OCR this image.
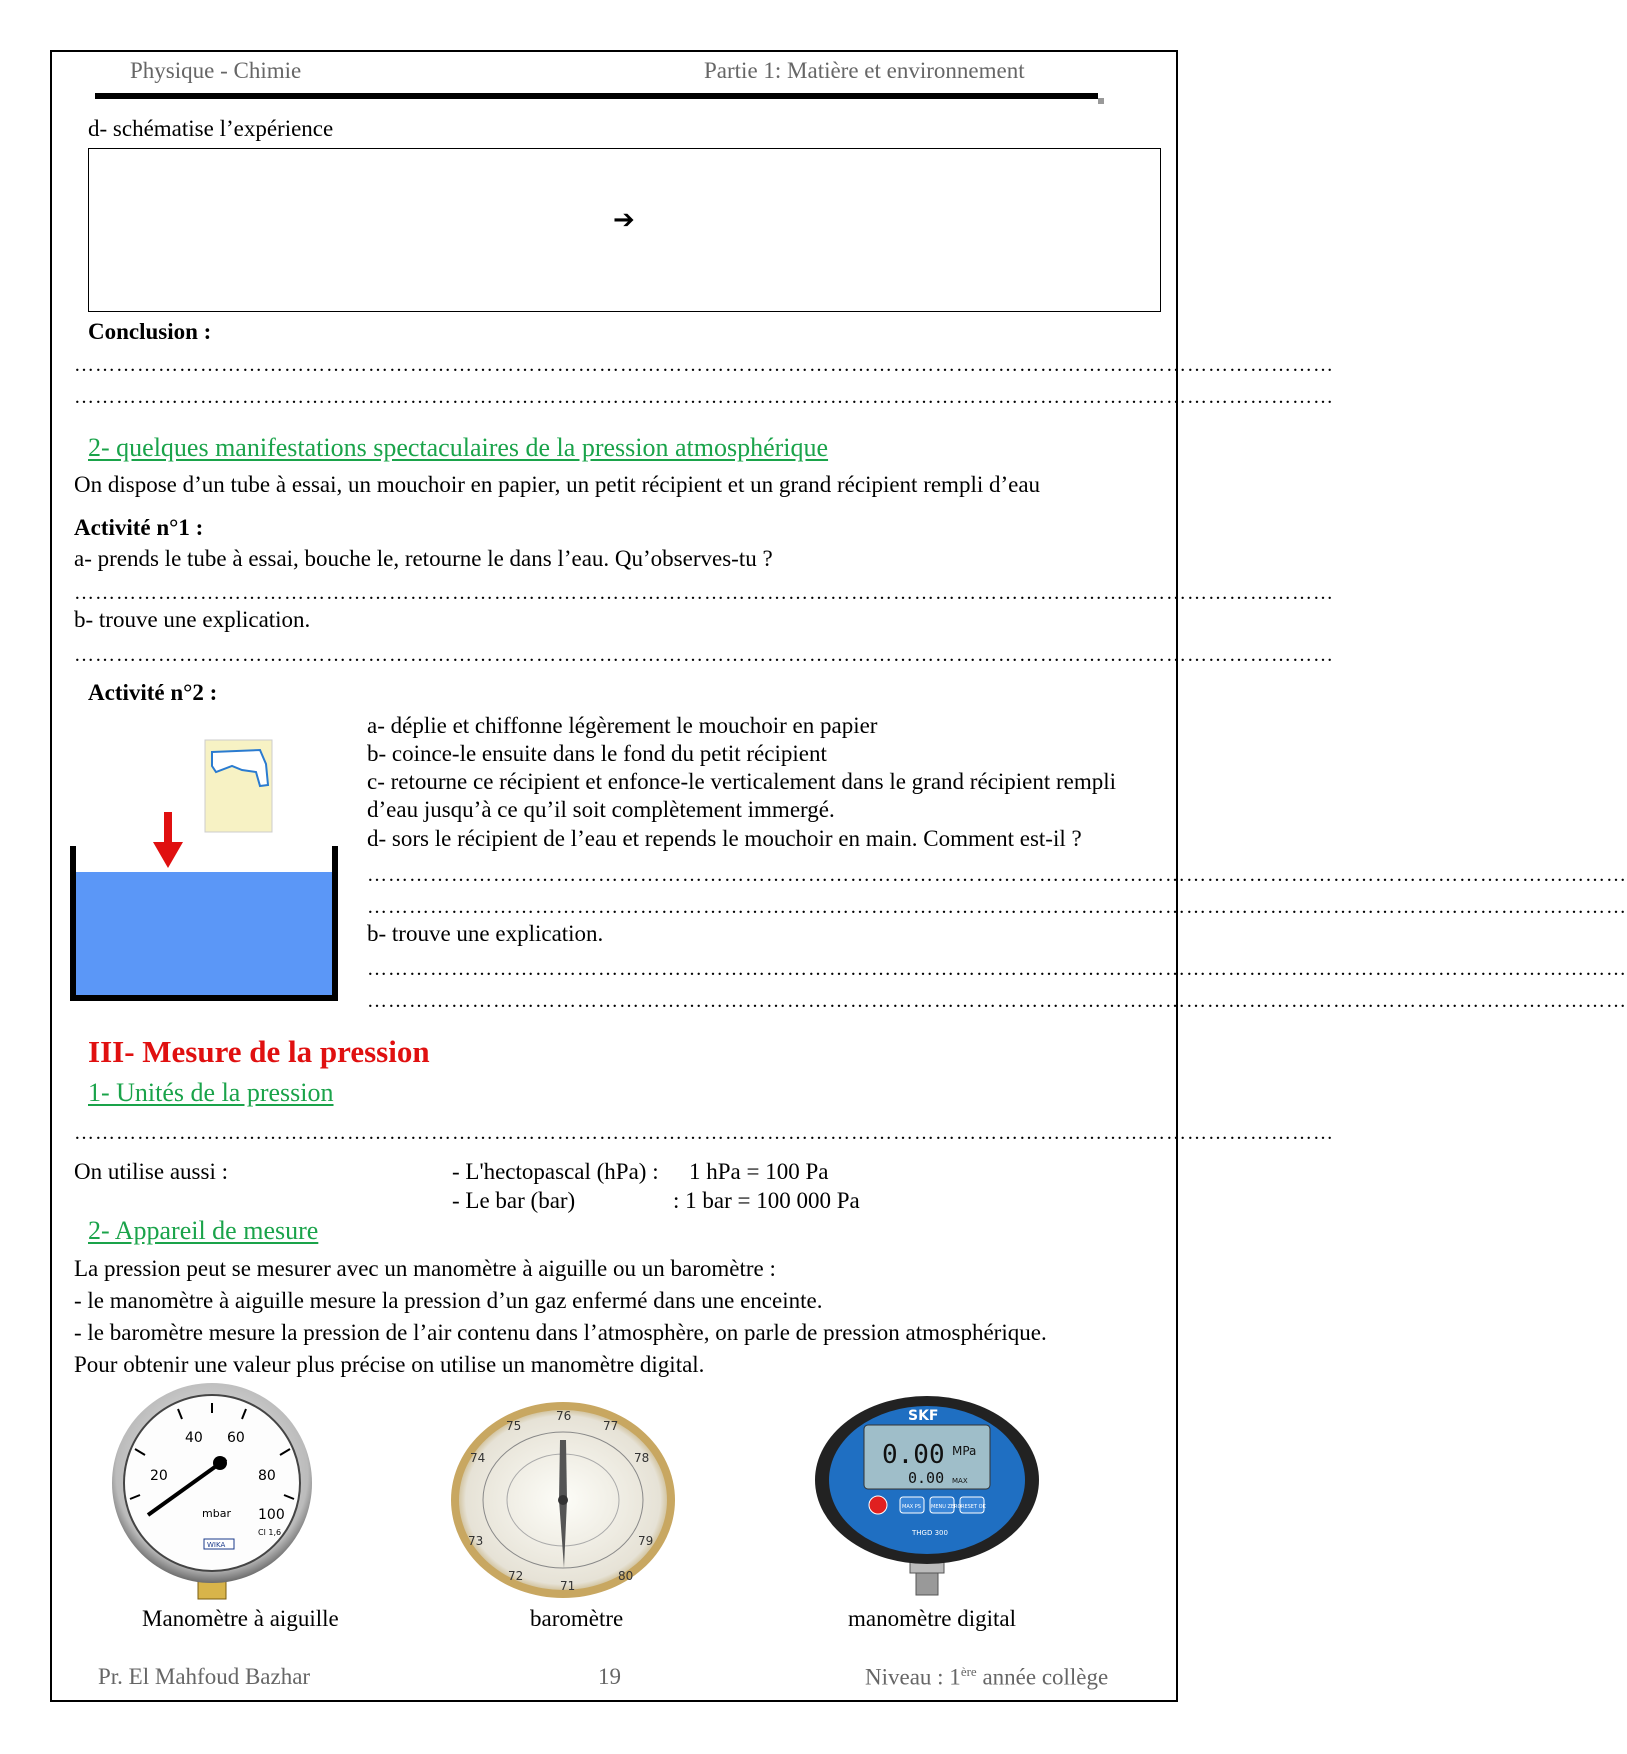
Physique - Chimie	Partie 1: Matière et environnement
d- schématise l’expérience
➔
Conclusion :
………………………………………………………………………………………………………………………………………………………………
………………………………………………………………………………………………………………………………………………………………
2- quelques manifestations spectaculaires de la pression atmosphérique
On dispose d’un tube à essai, un mouchoir en papier, un petit récipient et un grand récipient rempli d’eau
Activité n°1 :
a- prends le tube à essai, bouche le, retourne le dans l’eau. Qu’observes-tu ?
………………………………………………………………………………………………………………………………………………………………
b- trouve une explication.
………………………………………………………………………………………………………………………………………………………………
Activité n°2 :
a- déplie et chiffonne légèrement le mouchoir en papier
b- coince-le ensuite dans le fond du petit récipient
c- retourne ce récipient et enfonce-le verticalement dans le grand récipient rempli
d’eau jusqu’à ce qu’il soit complètement immergé.
d- sors le récipient de l’eau et repends le mouchoir en main. Comment est-il ?
………………………………………………………………………………………………………………………………………………………………
………………………………………………………………………………………………………………………………………………………………
b- trouve une explication.
………………………………………………………………………………………………………………………………………………………………
………………………………………………………………………………………………………………………………………………………………
III- Mesure de la pression
1- Unités de la pression
………………………………………………………………………………………………………………………………………………………………
On utilise aussi :	- L'hectopascal (hPa) : 1 hPa = 100 Pa
- Le bar (bar)	: 1 bar = 100 000 Pa
2- Appareil de mesure
La pression peut se mesurer avec un manomètre à aiguille ou un baromètre :
- le manomètre à aiguille mesure la pression d’un gaz enfermé dans une enceinte.
- le baromètre mesure la pression de l’air contenu dans l’atmosphère, on parle de pression atmosphérique.
Pour obtenir une valeur plus précise on utilise un manomètre digital.
20
40 60
80
100
mbar
Cl 1,6
WIKA
75
76
77
78
79
80
71
72
73
74
SKF
0.00 MPa
0.00 MAX
MAX PS MENU ZERO RESET OK
THGD 300
Manomètre à aiguille	baromètre	manomètre digital
Pr. El Mahfoud Bazhar	19	Niveau : 1ère année collège
